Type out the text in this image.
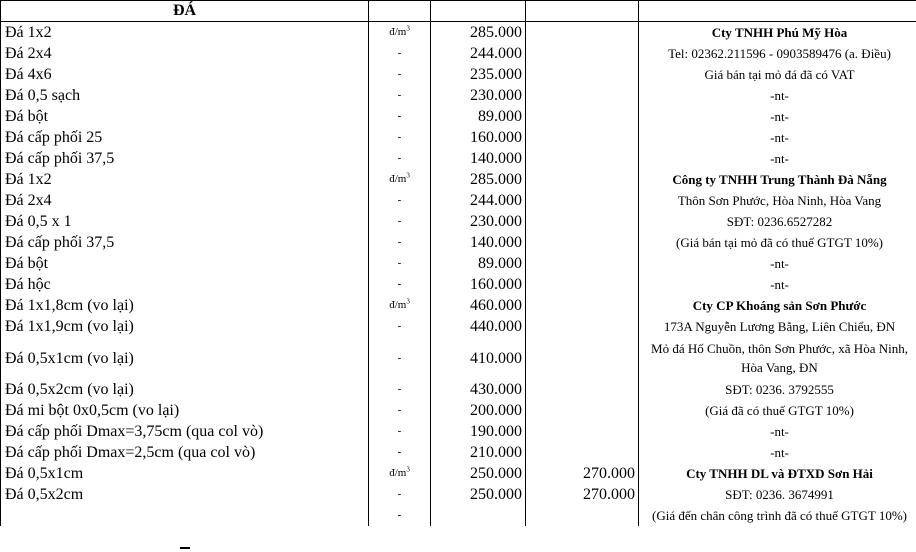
ĐÁ				
Đá 1x2	$đ/m^3$	285.000		Cty TNHH Phú Mỹ Hòa
Đá 2x4	-	244.000		Tel: 02362.211596 - 0903589476 (a. Điều)
Đá 4x6	-	235.000		Giá bán tại mỏ đá đã có VAT
Đá 0,5 sạch	-	230.000		-nt-
Đá bột	-	89.000		-nt-
Đá cấp phối 25	-	160.000		-nt-
Đá cấp phối 37,5	-	140.000		-nt-
Đá 1x2	$đ/m^3$	285.000		Công ty TNHH Trung Thành Đà Nẵng
Đá 2x4	-	244.000		Thôn Sơn Phước, Hòa Ninh, Hòa Vang
Đá 0,5 x 1	-	230.000		SĐT: 0236.6527282
Đá cấp phối 37,5	-	140.000		(Giá bán tại mỏ đã có thuế GTGT 10%)
Đá bột	-	89.000		-nt-
Đá hộc	-	160.000		-nt-
Đá 1x1,8cm (vo lại)	$đ/m^3$	460.000		Cty CP Khoáng sản Sơn Phước
Đá 1x1,9cm (vo lại)	-	440.000		173A Nguyễn Lương Bằng, Liên Chiểu, ĐN
Đá 0,5x1cm (vo lại)	-	410.000		Mỏ đá Hố Chuồn, thôn Sơn Phước, xã Hòa Ninh, Hòa Vang, ĐN
Đá 0,5x2cm (vo lại)	-	430.000		SĐT: 0236. 3792555
Đá mi bột 0x0,5cm (vo lại)	-	200.000		(Giá đã có thuế GTGT 10%)
Đá cấp phối Dmax=3,75cm (qua col vò)	-	190.000		-nt-
Đá cấp phối Dmax=2,5cm (qua col vò)	-	210.000		-nt-
Đá 0,5x1cm	$đ/m^3$	250.000	270.000	Cty TNHH DL và ĐTXD Sơn Hải
Đá 0,5x2cm	-	250.000	270.000	SĐT: 0236. 3674991
	-			(Giá đến chân công trình đã có thuế GTGT 10%)
